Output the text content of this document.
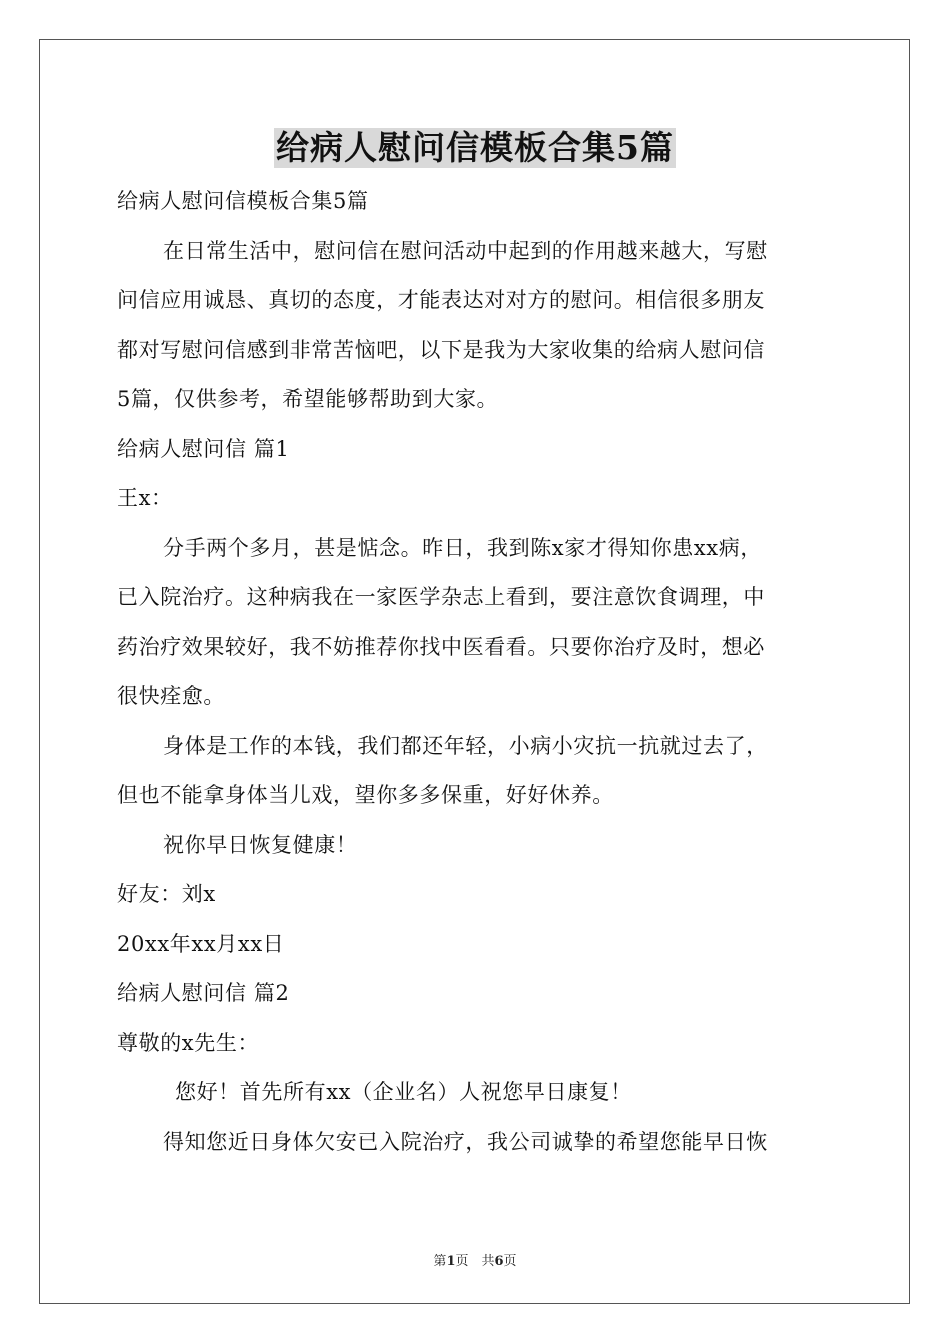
给病人慰问信模板合集5篇
给病人慰问信模板合集5篇
在日常生活中，慰问信在慰问活动中起到的作用越来越大，写慰
问信应用诚恳、真切的态度，才能表达对对方的慰问。相信很多朋友
都对写慰问信感到非常苦恼吧，以下是我为大家收集的给病人慰问信
5篇，仅供参考，希望能够帮助到大家。
给病人慰问信 篇1
王x：
分手两个多月，甚是惦念。昨日，我到陈x家才得知你患xx病，
已入院治疗。这种病我在一家医学杂志上看到，要注意饮食调理，中
药治疗效果较好，我不妨推荐你找中医看看。只要你治疗及时，想必
很快痊愈。
身体是工作的本钱，我们都还年轻，小病小灾抗一抗就过去了，
但也不能拿身体当儿戏，望你多多保重，好好休养。
祝你早日恢复健康！
好友：刘x
20xx年xx月xx日
给病人慰问信 篇2
尊敬的x先生：
您好！首先所有xx（企业名）人祝您早日康复！
得知您近日身体欠安已入院治疗，我公司诚挚的希望您能早日恢
第1页　共6页
